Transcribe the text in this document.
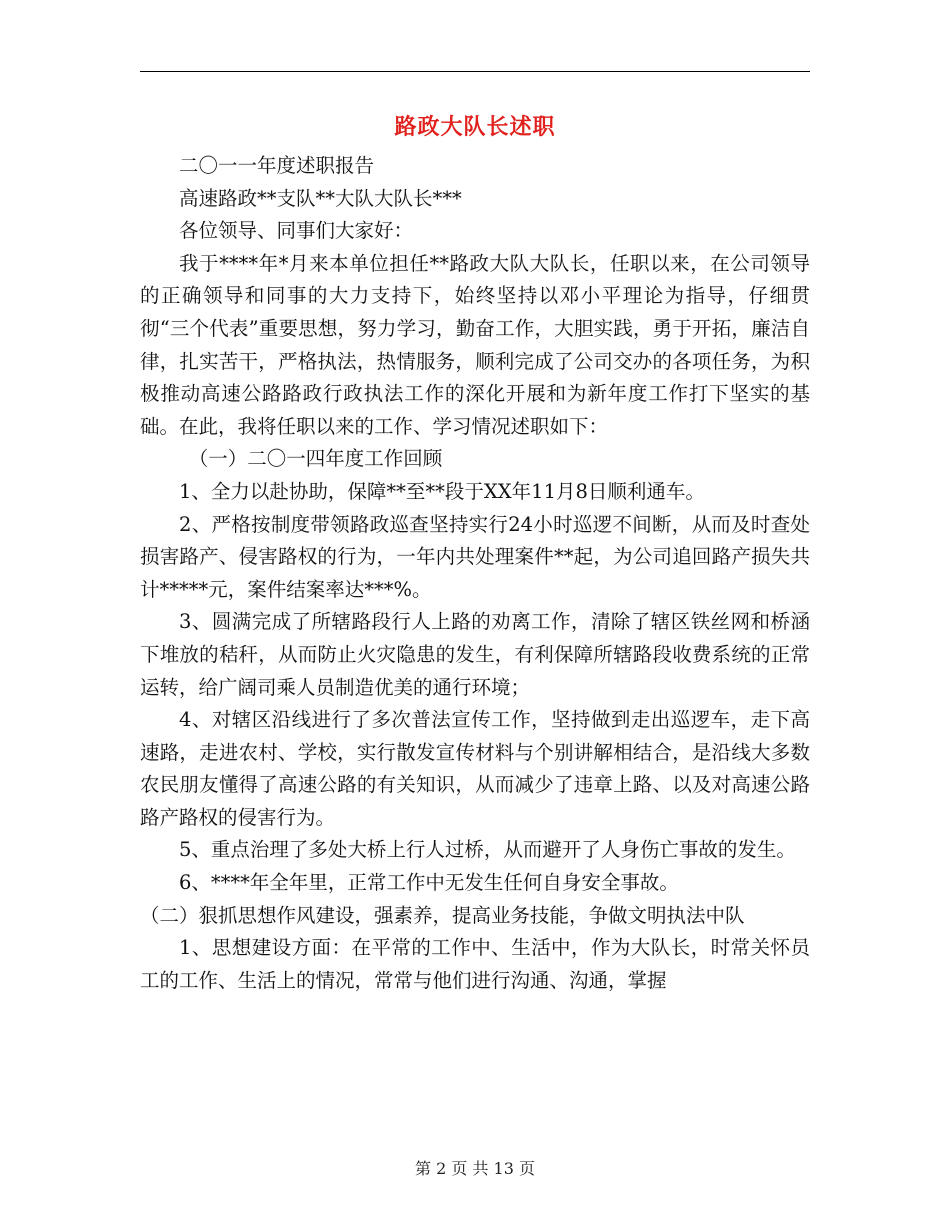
路政大队长述职

二〇一一年度述职报告

高速路政**支队**大队大队长***

各位领导、同事们大家好：

我于****年*月来本单位担任**路政大队大队长，任职以来，在公司领导的正确领导和同事的大力支持下，始终坚持以邓小平理论为指导，仔细贯彻“三个代表”重要思想，努力学习，勤奋工作，大胆实践，勇于开拓，廉洁自律，扎实苦干，严格执法，热情服务，顺利完成了公司交办的各项任务，为积极推动高速公路路政行政执法工作的深化开展和为新年度工作打下坚实的基础。在此，我将任职以来的工作、学习情况述职如下：

（一）二〇一四年度工作回顾

1、全力以赴协助，保障**至**段于XX年11月8日顺利通车。

2、严格按制度带领路政巡查坚持实行24小时巡逻不间断，从而及时查处损害路产、侵害路权的行为，一年内共处理案件**起，为公司追回路产损失共计*****元，案件结案率达***%。

3、圆满完成了所辖路段行人上路的劝离工作，清除了辖区铁丝网和桥涵下堆放的秸秆，从而防止火灾隐患的发生，有利保障所辖路段收费系统的正常运转，给广阔司乘人员制造优美的通行环境；

4、对辖区沿线进行了多次普法宣传工作，坚持做到走出巡逻车，走下高速路，走进农村、学校，实行散发宣传材料与个别讲解相结合，是沿线大多数农民朋友懂得了高速公路的有关知识，从而减少了违章上路、以及对高速公路路产路权的侵害行为。

5、重点治理了多处大桥上行人过桥，从而避开了人身伤亡事故的发生。

6、****年全年里，正常工作中无发生任何自身安全事故。

（二）狠抓思想作风建设，强素养，提高业务技能，争做文明执法中队

1、思想建设方面：在平常的工作中、生活中，作为大队长，时常关怀员工的工作、生活上的情况，常常与他们进行沟通、沟通，掌握

第 2 页 共 13 页
